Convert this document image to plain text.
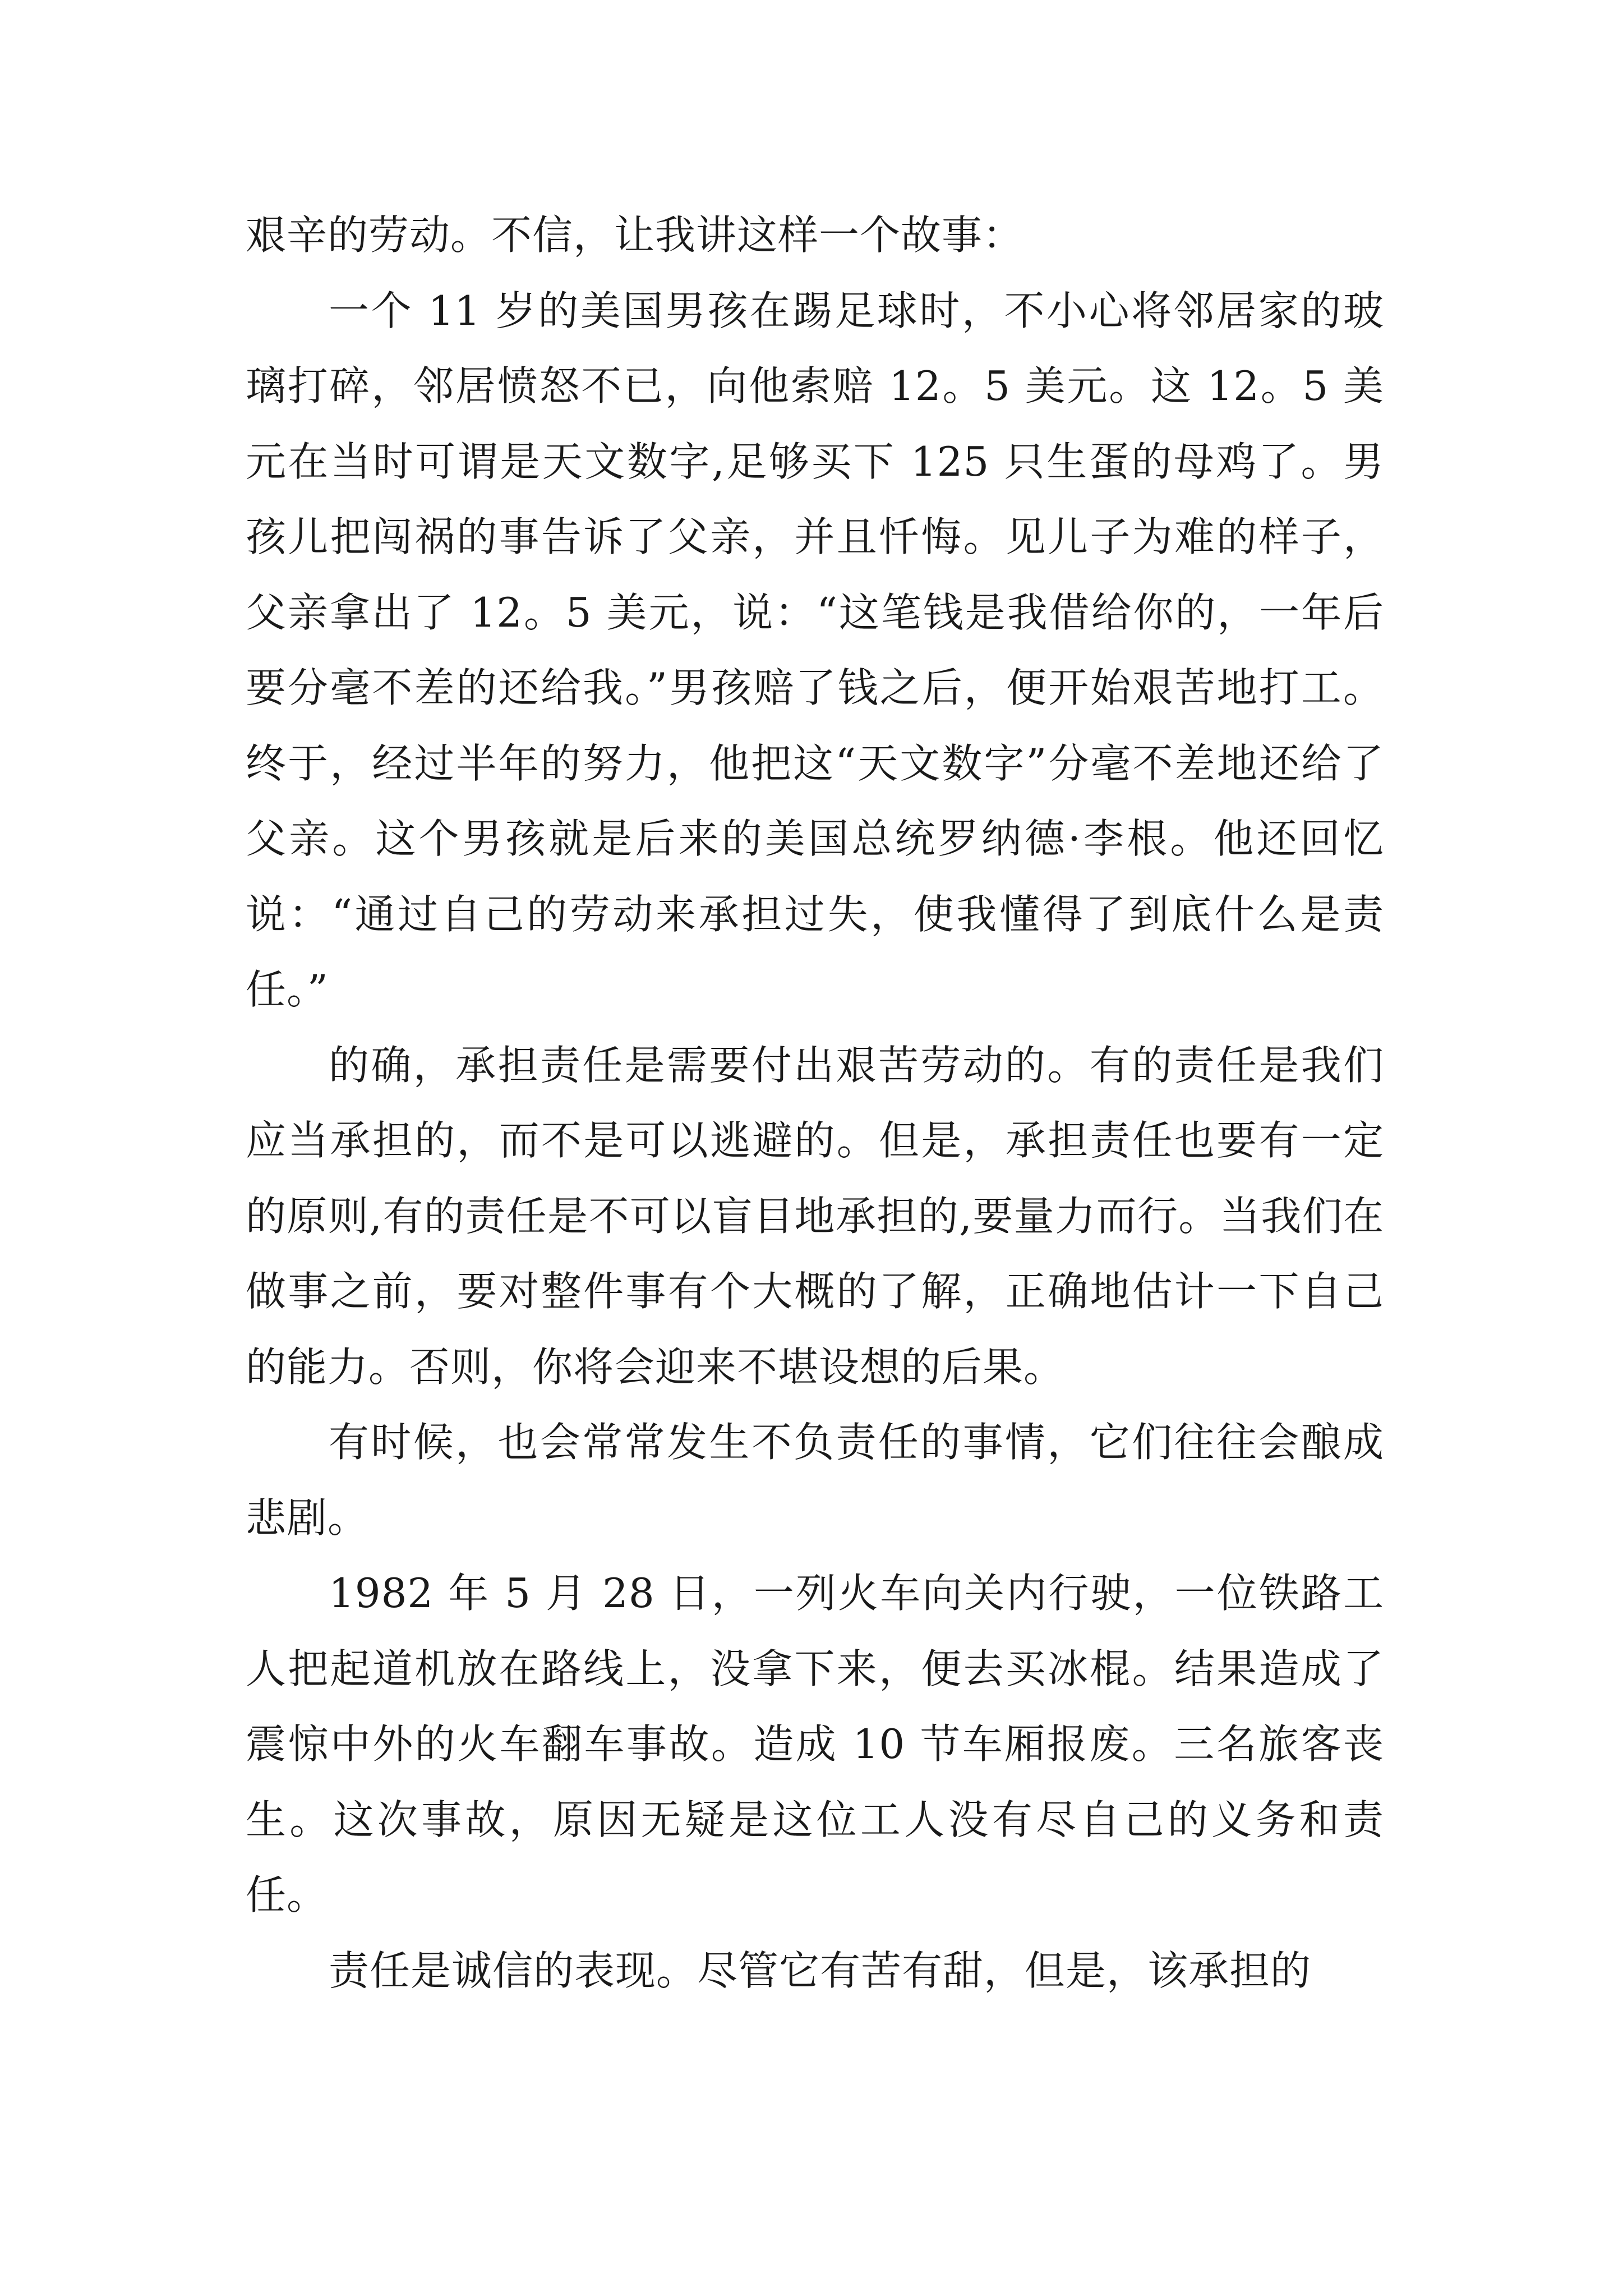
艰辛的劳动。不信，让我讲这样一个故事：

一个 11 岁的美国男孩在踢足球时，不小心将邻居家的玻璃打碎，邻居愤怒不已，向他索赔 12。5 美元。这 12。5 美元在当时可谓是天文数字,足够买下 125 只生蛋的母鸡了。男孩儿把闯祸的事告诉了父亲，并且忏悔。见儿子为难的样子，父亲拿出了 12。5 美元，说：“这笔钱是我借给你的，一年后要分毫不差的还给我。”男孩赔了钱之后，便开始艰苦地打工。终于，经过半年的努力，他把这“天文数字”分毫不差地还给了父亲。这个男孩就是后来的美国总统罗纳德·李根。他还回忆说：“通过自己的劳动来承担过失，使我懂得了到底什么是责任。”

的确，承担责任是需要付出艰苦劳动的。有的责任是我们应当承担的，而不是可以逃避的。但是，承担责任也要有一定的原则,有的责任是不可以盲目地承担的,要量力而行。当我们在做事之前，要对整件事有个大概的了解，正确地估计一下自己的能力。否则，你将会迎来不堪设想的后果。

有时候，也会常常发生不负责任的事情，它们往往会酿成悲剧。

1982 年 5 月 28 日，一列火车向关内行驶，一位铁路工人把起道机放在路线上，没拿下来，便去买冰棍。结果造成了震惊中外的火车翻车事故。造成 10 节车厢报废。三名旅客丧生。这次事故，原因无疑是这位工人没有尽自己的义务和责任。

责任是诚信的表现。尽管它有苦有甜，但是，该承担的
